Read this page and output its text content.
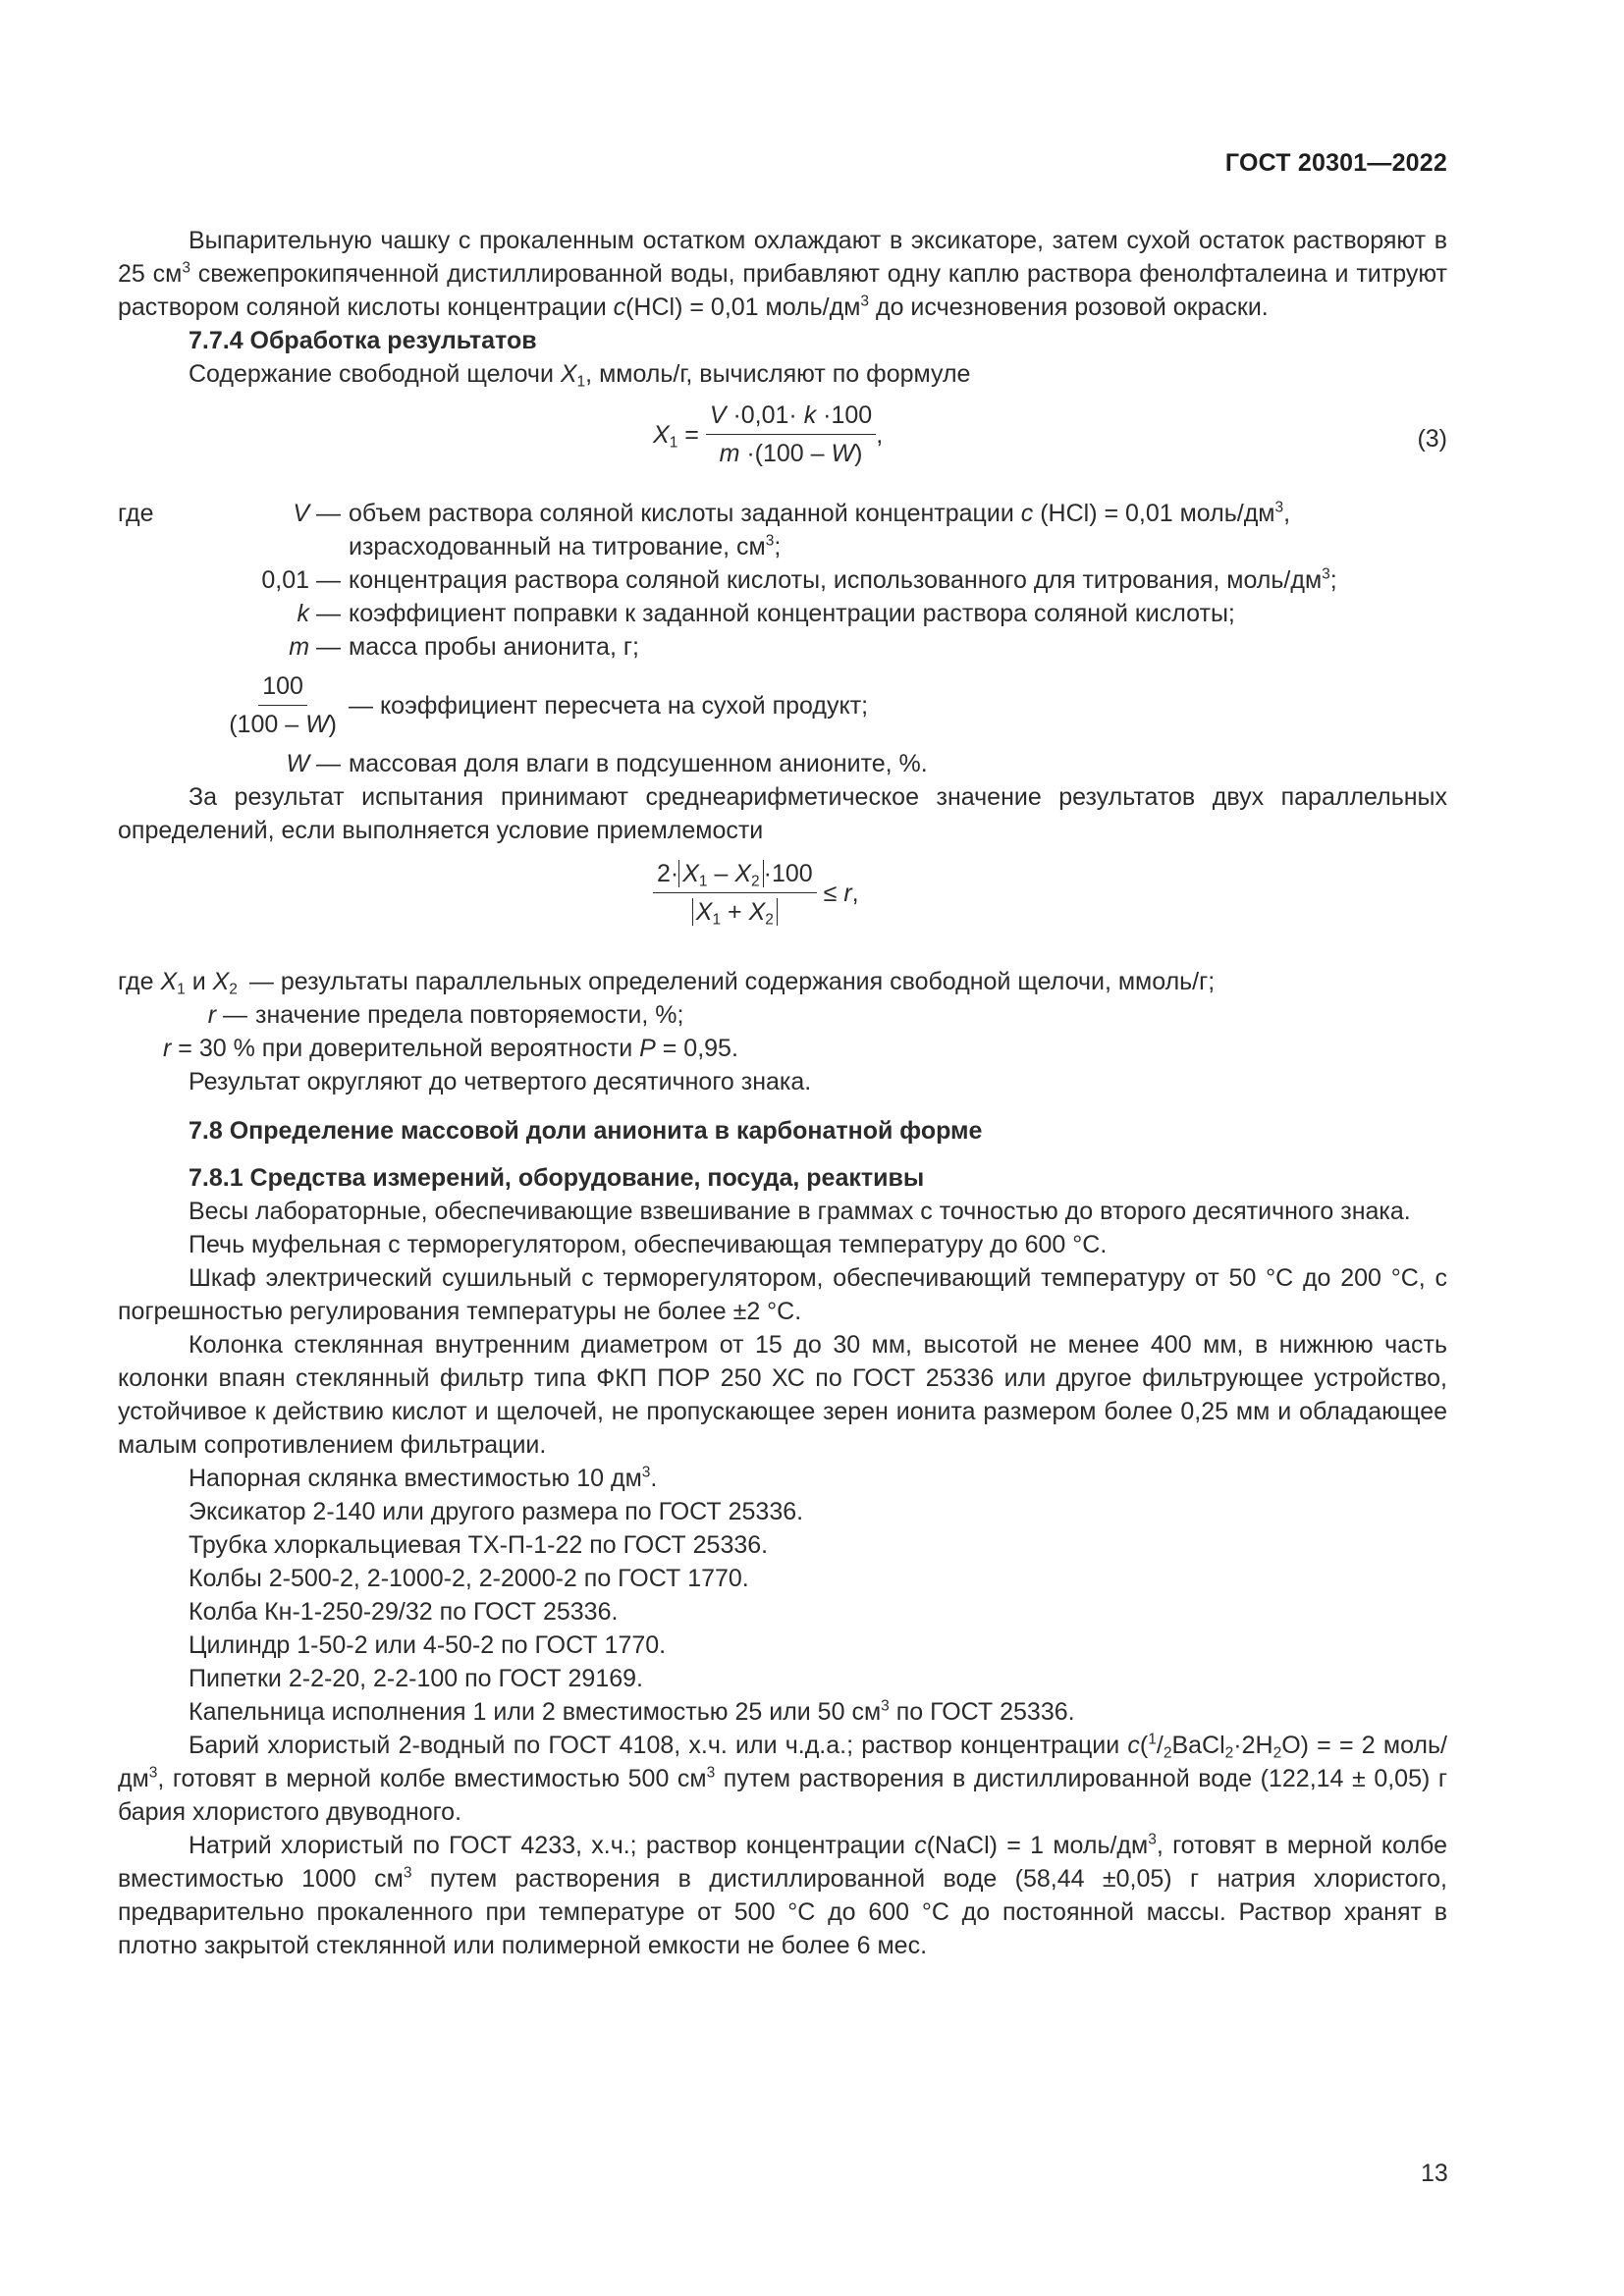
ГОСТ 20301—2022

Выпарительную чашку с прокаленным остатком охлаждают в эксикаторе, затем сухой остаток растворяют в 25 $см^3$ свежепрокипяченной дистиллированной воды, прибавляют одну каплю раствора фенолфталеина и титруют раствором соляной кислоты концентрации с(HCl) = 0,01 моль/$дм^3$ до исчезновения розовой окраски.

7.7.4 Обработка результатов

Содержание свободной щелочи $X_1$, ммоль/г, вычисляют по формуле

$X_1$ =
$\frac{V \cdot 0,01\cdot k \cdot 100}{m \cdot(100 - W)}$ ,	(3)
где	V — объем раствора соляной кислоты заданной концентрации с (HCl) = 0,01 моль/$дм^3$, израсходованный на титрование, $см^3$;
0,01 — концентрация раствора соляной кислоты, использованного для титрования, моль/$дм^3$;
k — коэффициент поправки к заданной концентрации раствора соляной кислоты;
m — масса пробы анионита, г;
$\frac{100}{(100 - W)}$ — коэффициент пересчета на сухой продукт;
W — массовая доля влаги в подсушенном анионите, %.

За результат испытания принимают среднеарифметическое значение результатов двух параллельных определений, если выполняется условие приемлемости

$\frac{2\cdot X_1 - X_2 \cdot 100}{X_1 + X_2}$
≤ r,
где $X_1$ и $X_2$ — результаты параллельных определений содержания свободной щелочи, ммоль/г;
r — значение предела повторяемости, %;

r = 30 % при доверительной вероятности P = 0,95.

Результат округляют до четвертого десятичного знака.

7.8 Определение массовой доли анионита в карбонатной форме
7.8.1 Средства измерений, оборудование, посуда, реактивы

Весы лабораторные, обеспечивающие взвешивание в граммах с точностью до второго десятичного знака.

Печь муфельная с терморегулятором, обеспечивающая температуру до 600 °С.

Шкаф электрический сушильный с терморегулятором, обеспечивающий температуру от 50 °С до 200 °С, с погрешностью регулирования температуры не более ±2 °С.

Колонка стеклянная внутренним диаметром от 15 до 30 мм, высотой не менее 400 мм, в нижнюю часть колонки впаян стеклянный фильтр типа ФКП ПОР 250 ХС по ГОСТ 25336 или другое фильтрующее устройство, устойчивое к действию кислот и щелочей, не пропускающее зерен ионита размером более 0,25 мм и обладающее малым сопротивлением фильтрации.

Напорная склянка вместимостью 10 $дм^3$.

Эксикатор 2-140 или другого размера по ГОСТ 25336.

Трубка хлоркальциевая ТХ-П-1-22 по ГОСТ 25336.

Колбы 2-500-2, 2-1000-2, 2-2000-2 по ГОСТ 1770.

Колба Кн-1-250-29/32 по ГОСТ 25336.

Цилиндр 1-50-2 или 4-50-2 по ГОСТ 1770.

Пипетки 2-2-20, 2-2-100 по ГОСТ 29169.

Капельница исполнения 1 или 2 вместимостью 25 или 50 $см^3$ по ГОСТ 25336.

Барий хлористый 2-водный по ГОСТ 4108, х.ч. или ч.д.а.; раствор концентрации $с(^1/_2BaCl_2\cdot 2H_2O)$ = = 2 моль/$дм^3$, готовят в мерной колбе вместимостью 500 $см^3$ путем растворения в дистиллированной воде (122,14 ± 0,05) г бария хлористого двуводного.

Натрий хлористый по ГОСТ 4233, х.ч.; раствор концентрации с(NaCl) = 1 моль/$дм^3$, готовят в мерной колбе вместимостью 1000 $см^3$ путем растворения в дистиллированной воде (58,44 ±0,05) г натрия хлористого, предварительно прокаленного при температуре от 500 °С до 600 °С до постоянной массы. Раствор хранят в плотно закрытой стеклянной или полимерной емкости не более 6 мес.

13
